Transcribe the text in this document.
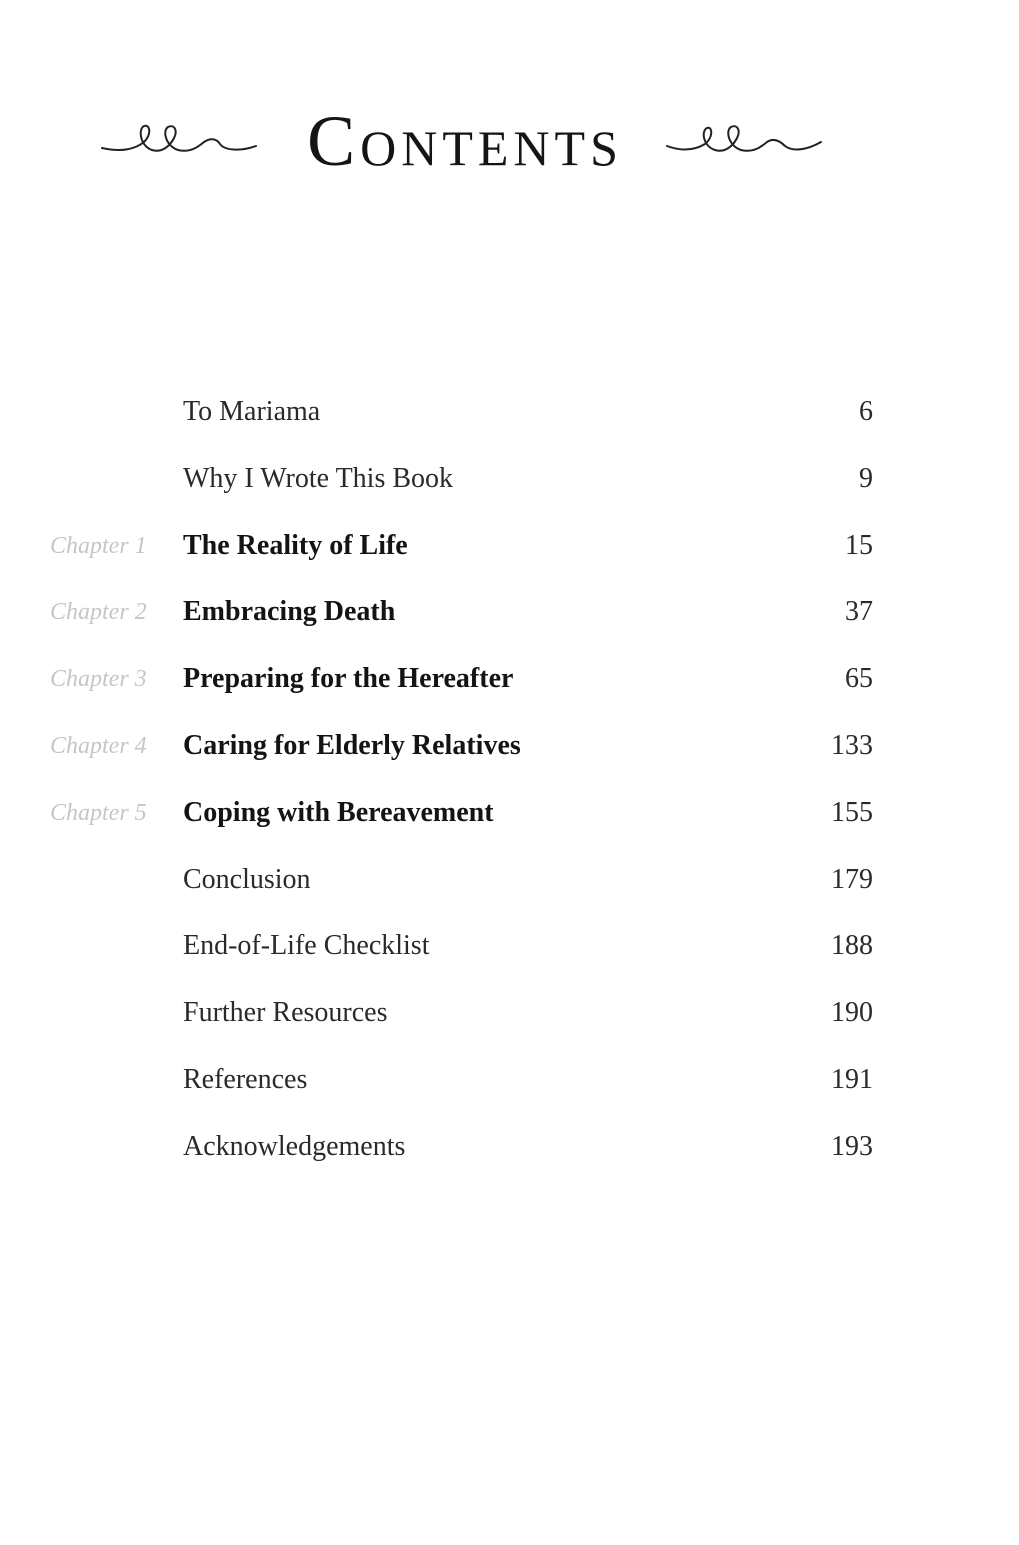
Contents
To Mariama	6
Why I Wrote This Book	9
Chapter 1	The Reality of Life	15
Chapter 2	Embracing Death	37
Chapter 3	Preparing for the Hereafter	65
Chapter 4	Caring for Elderly Relatives	133
Chapter 5	Coping with Bereavement	155
Conclusion	179
End-of-Life Checklist	188
Further Resources	190
References	191
Acknowledgements	193
